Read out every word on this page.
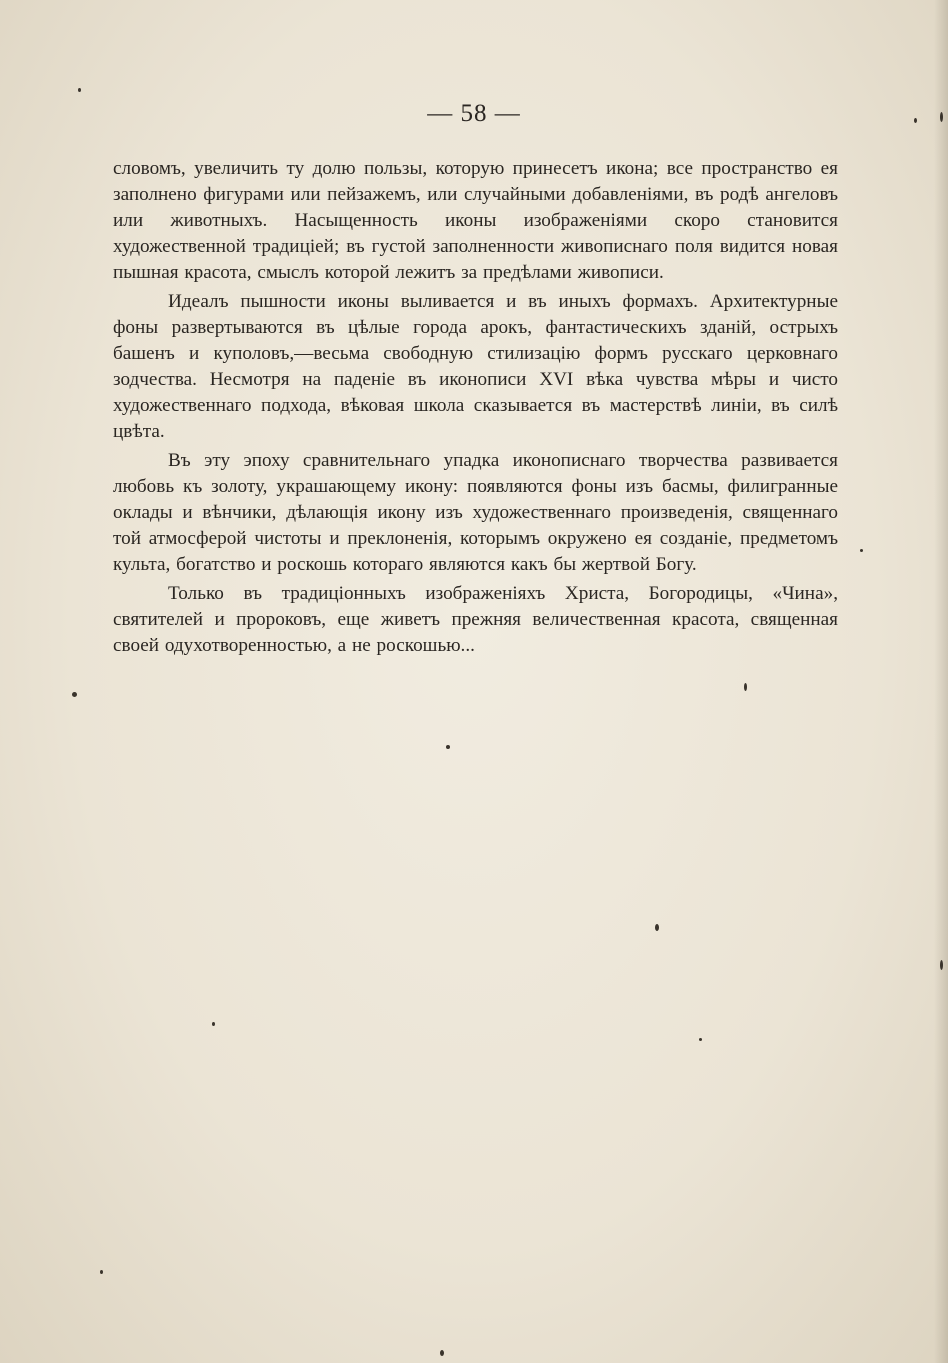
— 58 —

словомъ, увеличить ту долю пользы, которую принесетъ икона; все пространство ея заполнено фигурами или пейзажемъ, или случайными добавленіями, въ родѣ ангеловъ или животныхъ. Насыщенность иконы изображеніями скоро становится художественной традиціей; въ густой заполненности живописнаго поля видится новая пышная красота, смыслъ которой лежитъ за предѣлами живописи.

Идеалъ пышности иконы выливается и въ иныхъ формахъ. Архитектурные фоны развертываются въ цѣлые города арокъ, фантастическихъ зданій, острыхъ башенъ и куполовъ,—весьма свободную стилизацію формъ русскаго церковнаго зодчества. Несмотря на паденіе въ иконописи XVI вѣка чувства мѣры и чисто художественнаго подхода, вѣковая школа сказывается въ мастерствѣ линіи, въ силѣ цвѣта.

Въ эту эпоху сравнительнаго упадка иконописнаго творчества развивается любовь къ золоту, украшающему икону: появляются фоны изъ басмы, филигранные оклады и вѣнчики, дѣлающія икону изъ художественнаго произведенія, священнаго той атмосферой чистоты и преклоненія, которымъ окружено ея созданіе, предметомъ культа, богатство и роскошь котораго являются какъ бы жертвой Богу.

Только въ традиціонныхъ изображеніяхъ Христа, Богородицы, «Чина», святителей и пророковъ, еще живетъ прежняя величественная красота, священная своей одухотворенностью, а не роскошью...
